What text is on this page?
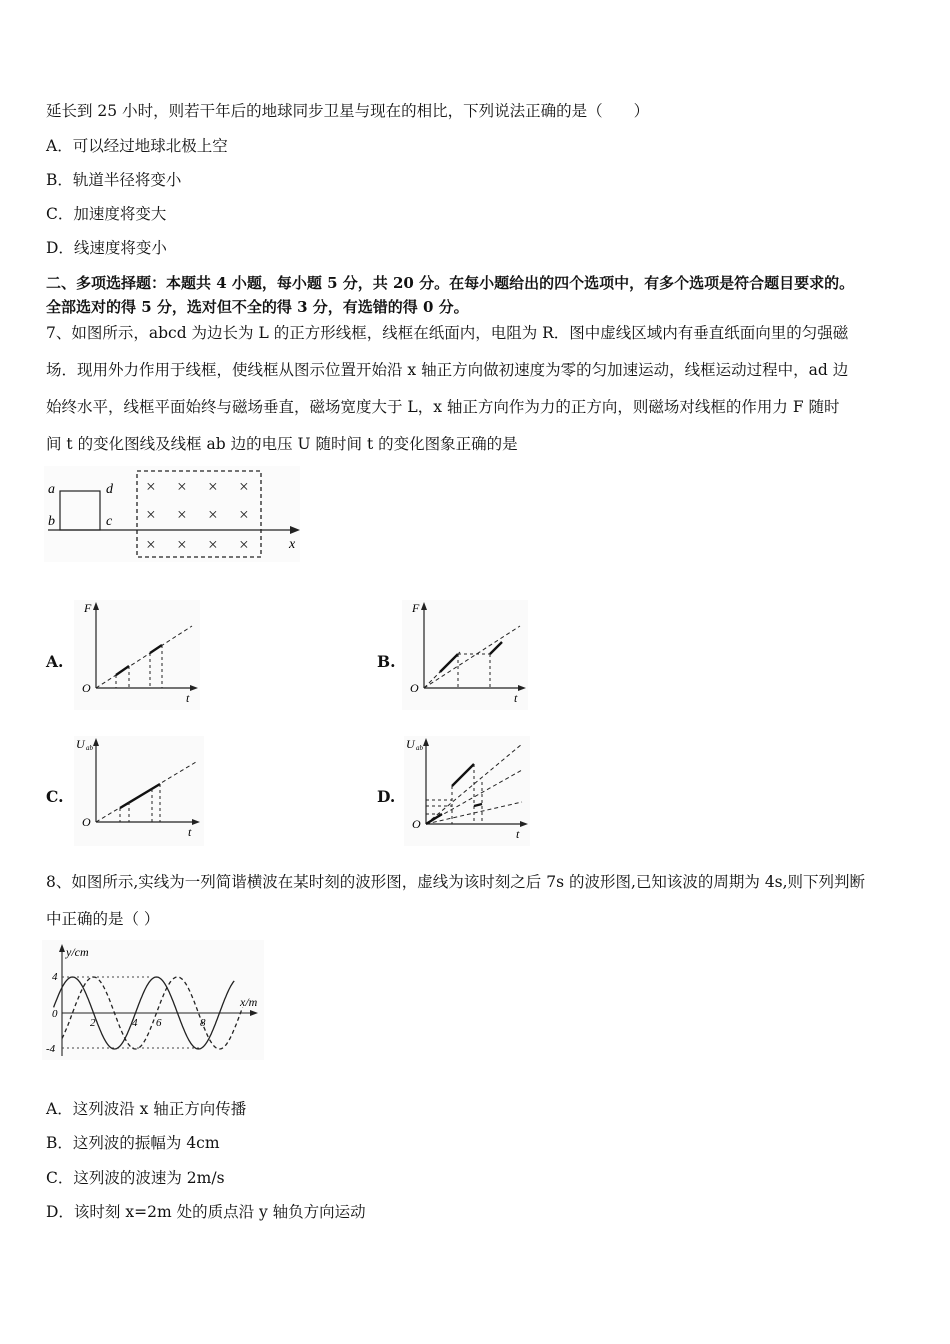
延长到 25 小时，则若干年后的地球同步卫星与现在的相比，下列说法正确的是（　　）
A．可以经过地球北极上空
B．轨道半径将变小
C．加速度将变大
D．线速度将变小
二、多项选择题：本题共 4 小题，每小题 5 分，共 20 分。在每小题给出的四个选项中，有多个选项是符合题目要求的。
全部选对的得 5 分，选对但不全的得 3 分，有选错的得 0 分。
7、如图所示，abcd 为边长为 L 的正方形线框，线框在纸面内，电阻为 R．图中虚线区域内有垂直纸面向里的匀强磁
场．现用外力作用于线框，使线框从图示位置开始沿 x 轴正方向做初速度为零的匀加速运动，线框运动过程中，ad 边
始终水平，线框平面始终与磁场垂直，磁场宽度大于 L，x 轴正方向作为力的正方向，则磁场对线框的作用力 F 随时
间 t 的变化图线及线框 ab 边的电压 U 随时间 t 的变化图象正确的是
a
b	c
d
x
× × × ×
× × × ×
× × × ×
A.
F
O
t
B.
F
O
t
C.
U ab
O
t
D.
U ab
O
t
8、如图所示,实线为一列简谐横波在某时刻的波形图，虚线为该时刻之后 7s 的波形图,已知该波的周期为 4s,则下列判断
中正确的是（ ）
y/cm
x/m
4
0
-4
2	4 6	8
A．这列波沿 x 轴正方向传播
B．这列波的振幅为 4cm
C．这列波的波速为 2m/s
D．该时刻 x=2m 处的质点沿 y 轴负方向运动
